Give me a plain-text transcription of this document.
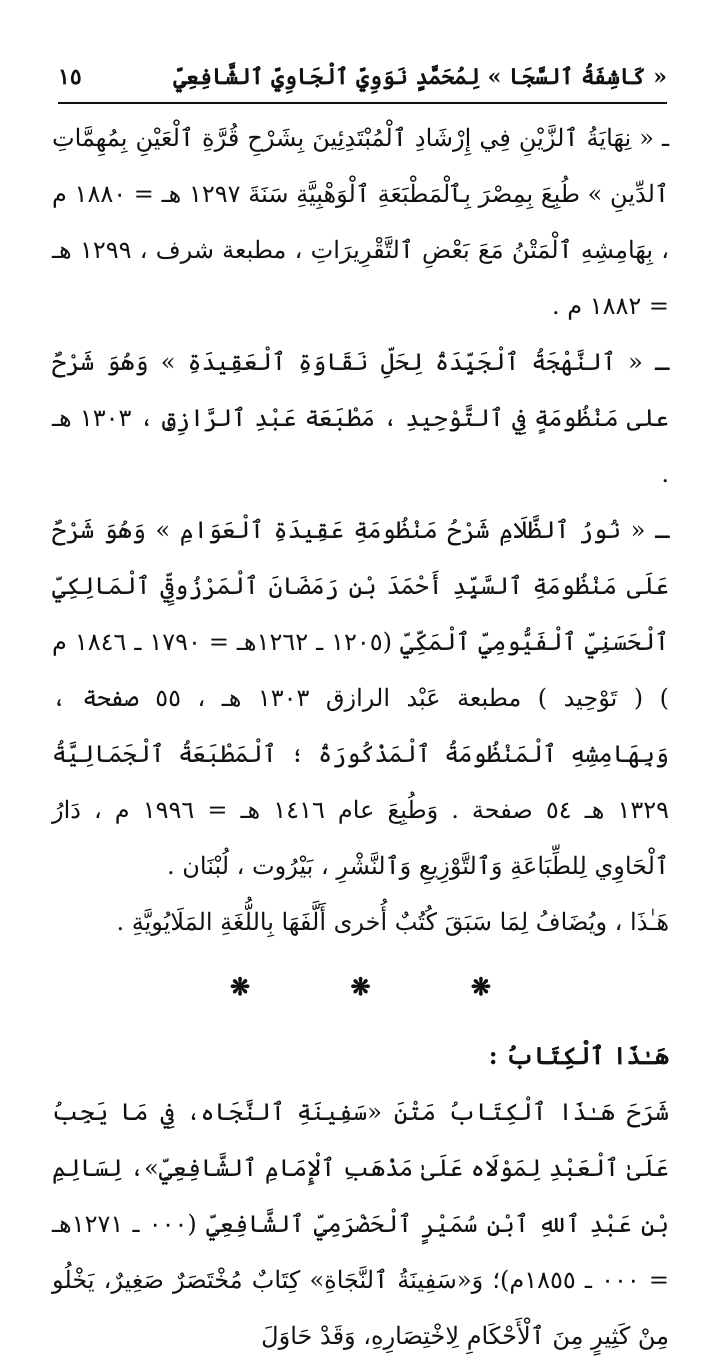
« كَاشِفَةُ ٱلسَّجَا » لِمُحَمَّدٍ نَوَوِيِّ ٱلْجَاوِيِّ ٱلشَّافِعِيِّ
١٥

ـ « نِهَايَةُ ٱلزَّيْنِ فِي إِرْشَادِ ٱلْمُبْتَدِئِينَ بِشَرْحِ قُرَّةِ ٱلْعَيْنِ بِمُهِمَّاتِ ٱلدِّينِ » طُبِعَ بِمِصْرَ بِٱلْمَطْبَعَةِ ٱلْوَهْبِيَّةِ سَنَةَ ١٢٩٧ هـ = ١٨٨٠ م ، بِهَامِشِهِ ٱلْمَتْنُ مَعَ بَعْضِ ٱلتَّقْرِيرَاتِ ، مطبعة شرف ، ١٢٩٩ هـ = ١٨٨٢ م .

ـ « ٱلنَّهْجَةُ ٱلْجَيِّدَةُ لِحَلِّ نَقَاوَةِ ٱلْعَقِيدَةِ » وَهُوَ شَرْحٌ على مَنْظُومَةٍ فِي ٱلتَّوْحِيدِ ، مَطْبَعَة عَبْدِ ٱلرَّازِقِ ، ١٣٠٣ هـ .

ـ « نُورُ ٱلظَّلَامِ شَرْحُ مَنْظُومَةِ عَقِيدَةِ ٱلْعَوَامِ » وَهُوَ شَرْحٌ عَلَى مَنْظُومَةِ ٱلسَّيِّدِ أَحْمَدَ بْنِ رَمَضَانَ ٱلْمَرْزُوقِيِّ ٱلْمَالِكِيِّ ٱلْحَسَنِيِّ ٱلْفَيُّومِيِّ ٱلْمَكِّيِّ (١٢٠٥ ـ ١٢٦٢هـ = ١٧٩٠ ـ ١٨٤٦ م ) ( تَوْحِيد ) مطبعة عَبْد الرازق ١٣٠٣ هـ ، ٥٥ صفحة ، وَبِهَامِشِهِ ٱلْمَنْظُومَةُ ٱلْمَذْكُورَةُ ؛ ٱلْمَطْبَعَةُ ٱلْجَمَالِيَّةُ ١٣٢٩ هـ ٥٤ صفحة . وَطُبِعَ عام ١٤١٦ هـ = ١٩٩٦ م ، دَارُ ٱلْحَاوِي لِلطِّبَاعَةِ وَٱلتَّوْزِيعِ وَٱلنَّشْرِ ، بَيْرُوت ، لُبْنَان .

هَـٰذَا ، ويُضَافُ لِمَا سَبَقَ كُتُبٌ أُخرى أَلَّفَهَا بِاللُّغَةِ المَلَايُويَّةِ .

❋	❋	❋

هَـٰذَا ٱلْكِتَابُ :

شَرَحَ هَـٰذَا ٱلْكِتَابُ مَتْنَ «سَفِينَةِ ٱلنَّجَاه، فِي مَا يَجِبُ عَلَىٰ ٱلْعَبْدِ لِمَوْلَاه عَلَىٰ مَذْهَبِ ٱلْإِمَامِ ٱلشَّافِعِيِّ»، لِسَالِمِ بْنِ عَبْدِ ٱللهِ ٱبْنِ سُمَيْرٍ ٱلْحَضْرَمِيِّ ٱلشَّافِعِيِّ (٠٠٠ ـ ١٢٧١هـ = ٠٠٠ ـ ١٨٥٥م)؛ وَ«سَفِينَةُ ٱلنَّجَاةِ» كِتَابٌ مُخْتَصَرٌ صَغِيرٌ، يَخْلُو مِنْ كَثِيرٍ مِنَ ٱلْأَحْكَامِ لِاخْتِصَارِهِ، وَقَدْ حَاوَلَ
